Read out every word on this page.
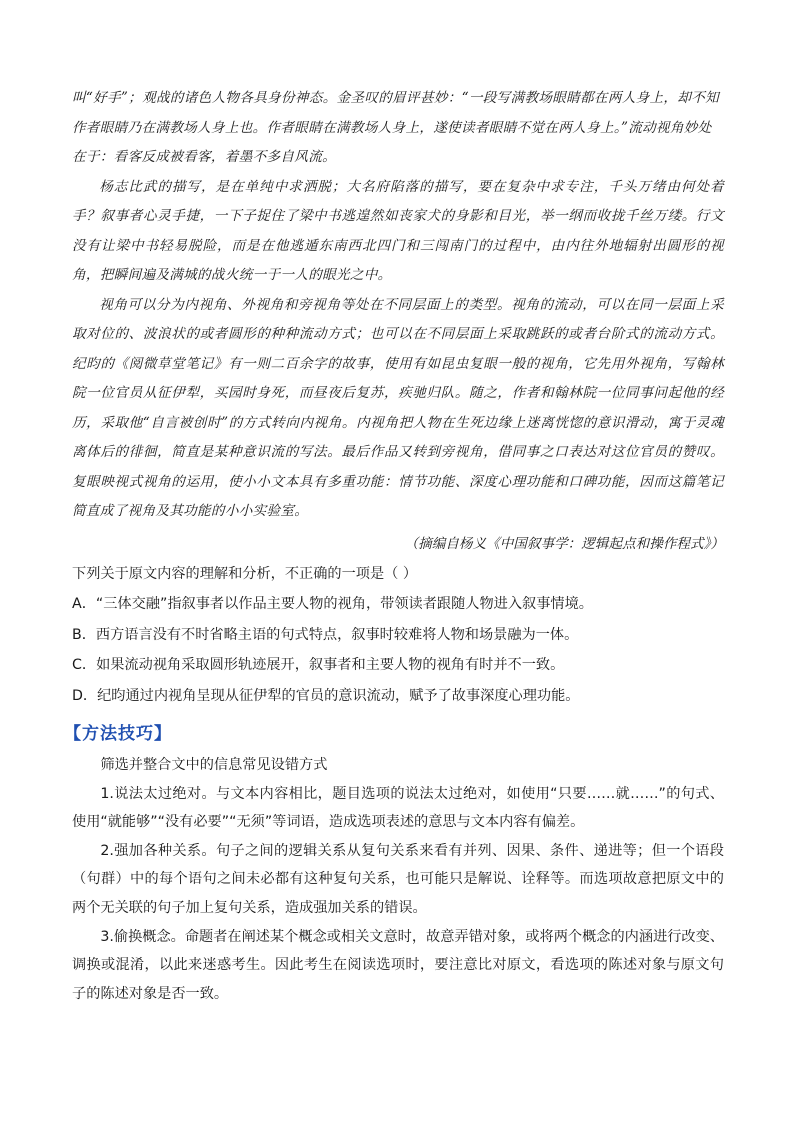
叫“好手”；观战的诸色人物各具身份神态。金圣叹的眉评甚妙：“一段写满教场眼睛都在两人身上，却不知
作者眼睛乃在满教场人身上也。作者眼睛在满教场人身上，遂使读者眼睛不觉在两人身上。”流动视角妙处
在于：看客反成被看客，着墨不多自风流。

杨志比武的描写，是在单纯中求洒脱；大名府陷落的描写，要在复杂中求专注，千头万绪由何处着手？叙事者心灵手捷，一下子捉住了梁中书逃遑然如丧家犬的身影和目光，举一纲而收拢千丝万缕。行文没有让梁中书轻易脱险，而是在他逃遁东南西北四门和三闯南门的过程中，由内往外地辐射出圆形的视角，把瞬间遍及满城的战火统一于一人的眼光之中。

视角可以分为内视角、外视角和旁视角等处在不同层面上的类型。视角的流动，可以在同一层面上采取对位的、波浪状的或者圆形的种种流动方式；也可以在不同层面上采取跳跃的或者台阶式的流动方式。纪昀的《阅微草堂笔记》有一则二百余字的故事，使用有如昆虫复眼一般的视角，它先用外视角，写翰林院一位官员从征伊犁，买园时身死，而昼夜后复苏，疾驰归队。随之，作者和翰林院一位同事问起他的经历，采取他“自言被创时”的方式转向内视角。内视角把人物在生死边缘上迷离恍惚的意识滑动，寓于灵魂离体后的徘徊，简直是某种意识流的写法。最后作品又转到旁视角，借同事之口表达对这位官员的赞叹。复眼映视式视角的运用，使小小文本具有多重功能：情节功能、深度心理功能和口碑功能，因而这篇笔记简直成了视角及其功能的小小实验室。

（摘编自杨义《中国叙事学：逻辑起点和操作程式》）

下列关于原文内容的理解和分析，不正确的一项是（ ）

A．“三体交融”指叙事者以作品主要人物的视角，带领读者跟随人物进入叙事情境。

B．西方语言没有不时省略主语的句式特点，叙事时较难将人物和场景融为一体。

C．如果流动视角采取圆形轨迹展开，叙事者和主要人物的视角有时并不一致。

D．纪昀通过内视角呈现从征伊犁的官员的意识流动，赋予了故事深度心理功能。

【方法技巧】

筛选并整合文中的信息常见设错方式

1.说法太过绝对。与文本内容相比，题目选项的说法太过绝对，如使用“只要……就……”的句式、使用“就能够”“没有必要”“无须”等词语，造成选项表述的意思与文本内容有偏差。

2.强加各种关系。句子之间的逻辑关系从复句关系来看有并列、因果、条件、递进等；但一个语段（句群）中的每个语句之间未必都有这种复句关系，也可能只是解说、诠释等。而选项故意把原文中的两个无关联的句子加上复句关系，造成强加关系的错误。

3.偷换概念。命题者在阐述某个概念或相关文意时，故意弄错对象，或将两个概念的内涵进行改变、调换或混淆，以此来迷惑考生。因此考生在阅读选项时，要注意比对原文，看选项的陈述对象与原文句子的陈述对象是否一致。
